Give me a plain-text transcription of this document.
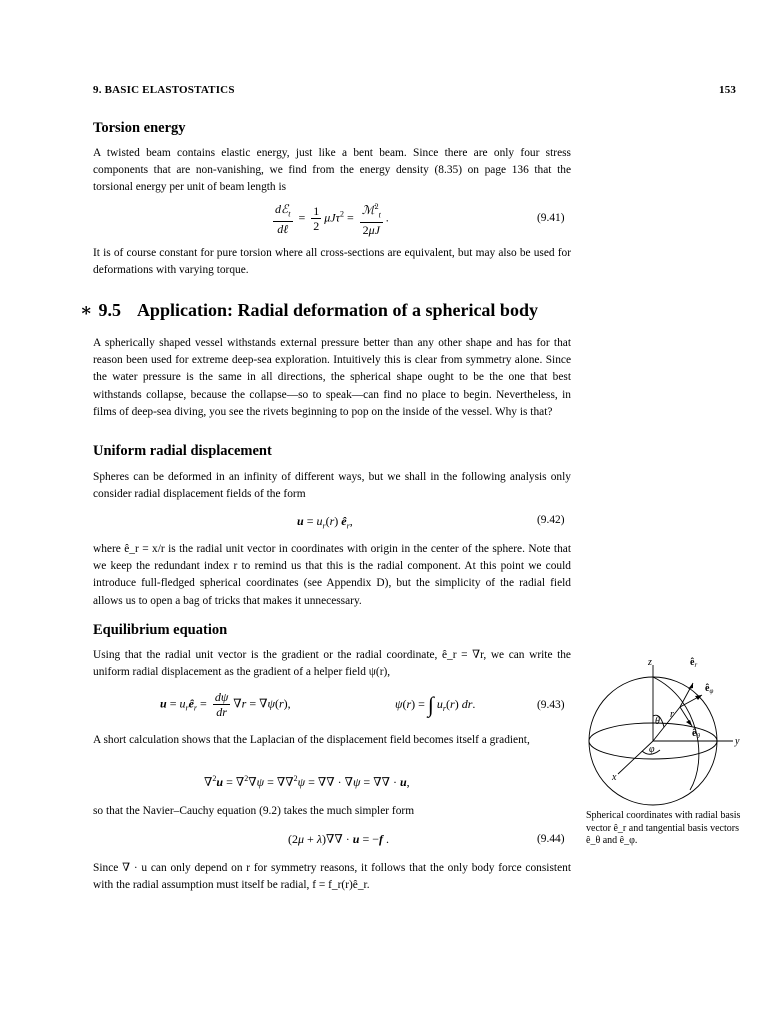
9. BASIC ELASTOSTATICS	153
Torsion energy

A twisted beam contains elastic energy, just like a bent beam. Since there are only four stress components that are non-vanishing, we find from the energy density (8.35) on page 136 that the torsional energy per unit of beam length is

$\frac{dℰ_t}{\text{dℓ}} = \frac{1}{2} \mu J\tau^2 = \frac{ℳ^2_t}{2\mu J}$ .	(9.41)

It is of course constant for pure torsion where all cross-sections are equivalent, but may also be used for deformations with varying torque.

∗ 9.5 Application: Radial deformation of a spherical body

A spherically shaped vessel withstands external pressure better than any other shape and has for that reason been used for extreme deep-sea exploration. Intuitively this is clear from symmetry alone. Since the water pressure is the same in all directions, the spherical shape ought to be the one that best withstands collapse, because the collapse—so to speak—can find no place to begin. Nevertheless, in films of deep-sea diving, you see the rivets beginning to pop on the inside of the vessel. Why is that?

Uniform radial displacement

Spheres can be deformed in an infinity of different ways, but we shall in the following analysis only consider radial displacement fields of the form

$u = u_r(r)$ $ê_r$,	(9.42)

where ê_r = x/r is the radial unit vector in coordinates with origin in the center of the sphere. Note that we keep the redundant index r to remind us that this is the radial component. At this point we could introduce full-fledged spherical coordinates (see Appendix D), but the simplicity of the radial field allows us to open a bag of tricks that makes it unnecessary.

Equilibrium equation

Using that the radial unit vector is the gradient or the radial coordinate, ê_r = ∇r, we can write the uniform radial displacement as the gradient of a helper field ψ(r),

$u = u_rê_r = \frac{d\psi}{dr} \nabla r = \nabla\psi(r)$,	ψ(r) = ∫ $u_r(r)$ dr.	(9.43)

A short calculation shows that the Laplacian of the displacement field becomes itself a gradient,

∇$^2$u = ∇$^2$∇ψ = ∇∇$^2$ψ = ∇∇ · ∇ψ = ∇∇ · u,

so that the Navier–Cauchy equation (9.2) takes the much simpler form

(2μ + λ)∇∇ · u = −f .	(9.44)

Since ∇ · u can only depend on r for symmetry reasons, it follows that the only body force consistent with the radial assumption must itself be radial, f = f_r(r)ê_r.

z
y
x
r
θ
φ
$ê_r$
$ê_\varphi$
$ê_\theta$

Spherical coordinates with radial basis vector ê_r and tangential basis vectors ê_θ and ê_φ.
